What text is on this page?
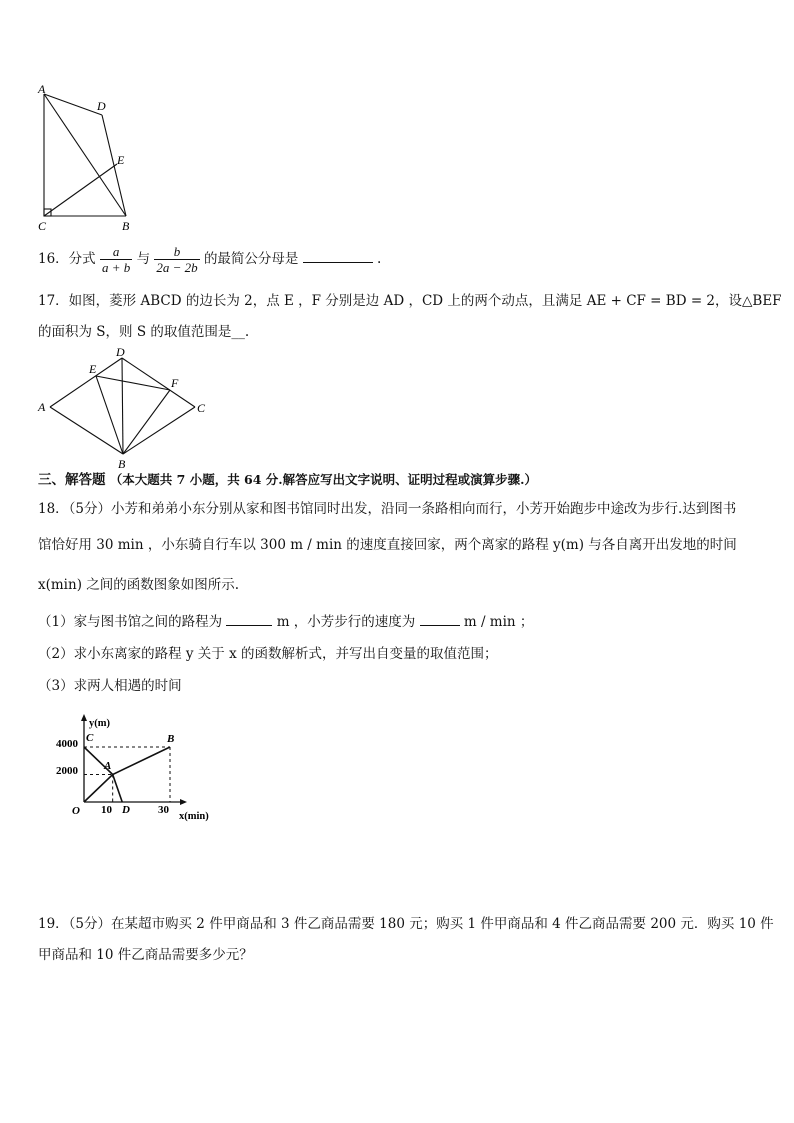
A
D
E
C	B
16．分式 $\frac{a}{a + b}$ 与 $\frac{b}{2a - 2b}$ 的最简公分母是	.
17．如图，菱形 ABCD 的边长为 2，点 E ，F 分别是边 AD ，CD 上的两个动点，且满足 AE + CF = BD = 2，设△BEF
的面积为 S，则 S 的取值范围是__.
D
E
F
A	C
B
三、解答题 （本大题共 7 小题，共 64 分.解答应写出文字说明、证明过程或演算步骤.）
18．（5分）小芳和弟弟小东分别从家和图书馆同时出发，沿同一条路相向而行，小芳开始跑步中途改为步行.达到图书
馆恰好用 30 min ，小东骑自行车以 300 m / min 的速度直接回家，两个离家的路程 y(m) 与各自离开出发地的时间
x(min) 之间的函数图象如图所示.
（1）家与图书馆之间的路程为	m ，小芳步行的速度为	m / min ；
（2）求小东离家的路程 y 关于 x 的函数解析式，并写出自变量的取值范围；
（3）求两人相遇的时间
y(m)
x(min)
4000
2000
10	30
O
C	B
A
D
19．（5分）在某超市购买 2 件甲商品和 3 件乙商品需要 180 元；购买 1 件甲商品和 4 件乙商品需要 200 元．购买 10 件
甲商品和 10 件乙商品需要多少元？
